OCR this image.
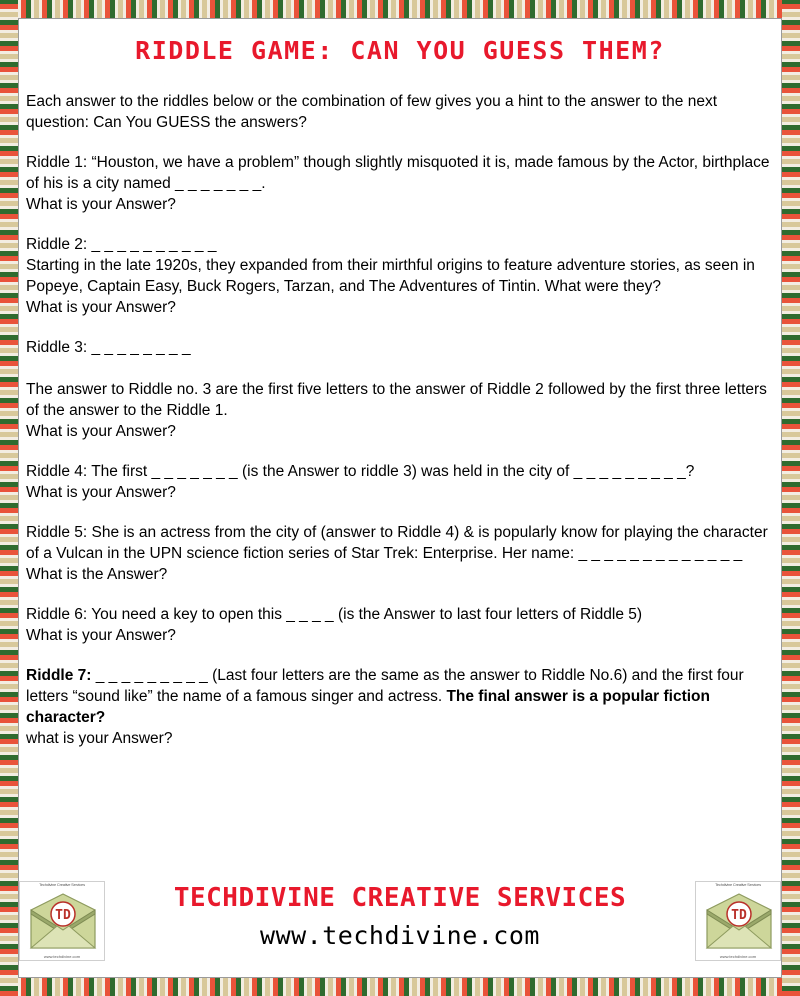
RIDDLE GAME: CAN YOU GUESS THEM?

Each answer to the riddles below or the combination of few gives you a hint to the answer to the next question: Can You GUESS the answers?

Riddle 1: “Houston, we have a problem” though slightly misquoted it is, made famous by the Actor, birthplace of his is a city named _ _ _ _ _ _ _.

What is your Answer?

Riddle 2: _ _ _ _ _ _ _ _ _ _

Starting in the late 1920s, they expanded from their mirthful origins to feature adventure stories, as seen in Popeye, Captain Easy, Buck Rogers, Tarzan, and The Adventures of Tintin. What were they?

What is your Answer?

Riddle 3: _ _ _ _ _ _ _ _

The answer to Riddle no. 3 are the first five letters to the answer of Riddle 2 followed by the first three letters of the answer to the Riddle 1.

What is your Answer?

Riddle 4: The first _ _ _ _ _ _ _ (is the Answer to riddle 3) was held in the city of _ _ _ _ _ _ _ _ _?

What is your Answer?

Riddle 5: She is an actress from the city of (answer to Riddle 4) & is popularly know for playing the character of a Vulcan in the UPN science fiction series of Star Trek: Enterprise. Her name: _ _ _ _ _ _ _ _ _ _ _ _ _

What is the Answer?

Riddle 6: You need a key to open this _ _ _ _ (is the Answer to last four letters of Riddle 5)

What is your Answer?

Riddle 7: _ _ _ _ _ _ _ _ _ (Last four letters are the same as the answer to Riddle No.6) and the first four letters “sound like” the name of a famous singer and actress. The final answer is a popular fiction character?

what is your Answer?

Techdivine Creative Services
TD
www.techdivine.com
TECHDIVINE CREATIVE SERVICES
www.techdivine.com
Techdivine Creative Services
TD
www.techdivine.com
